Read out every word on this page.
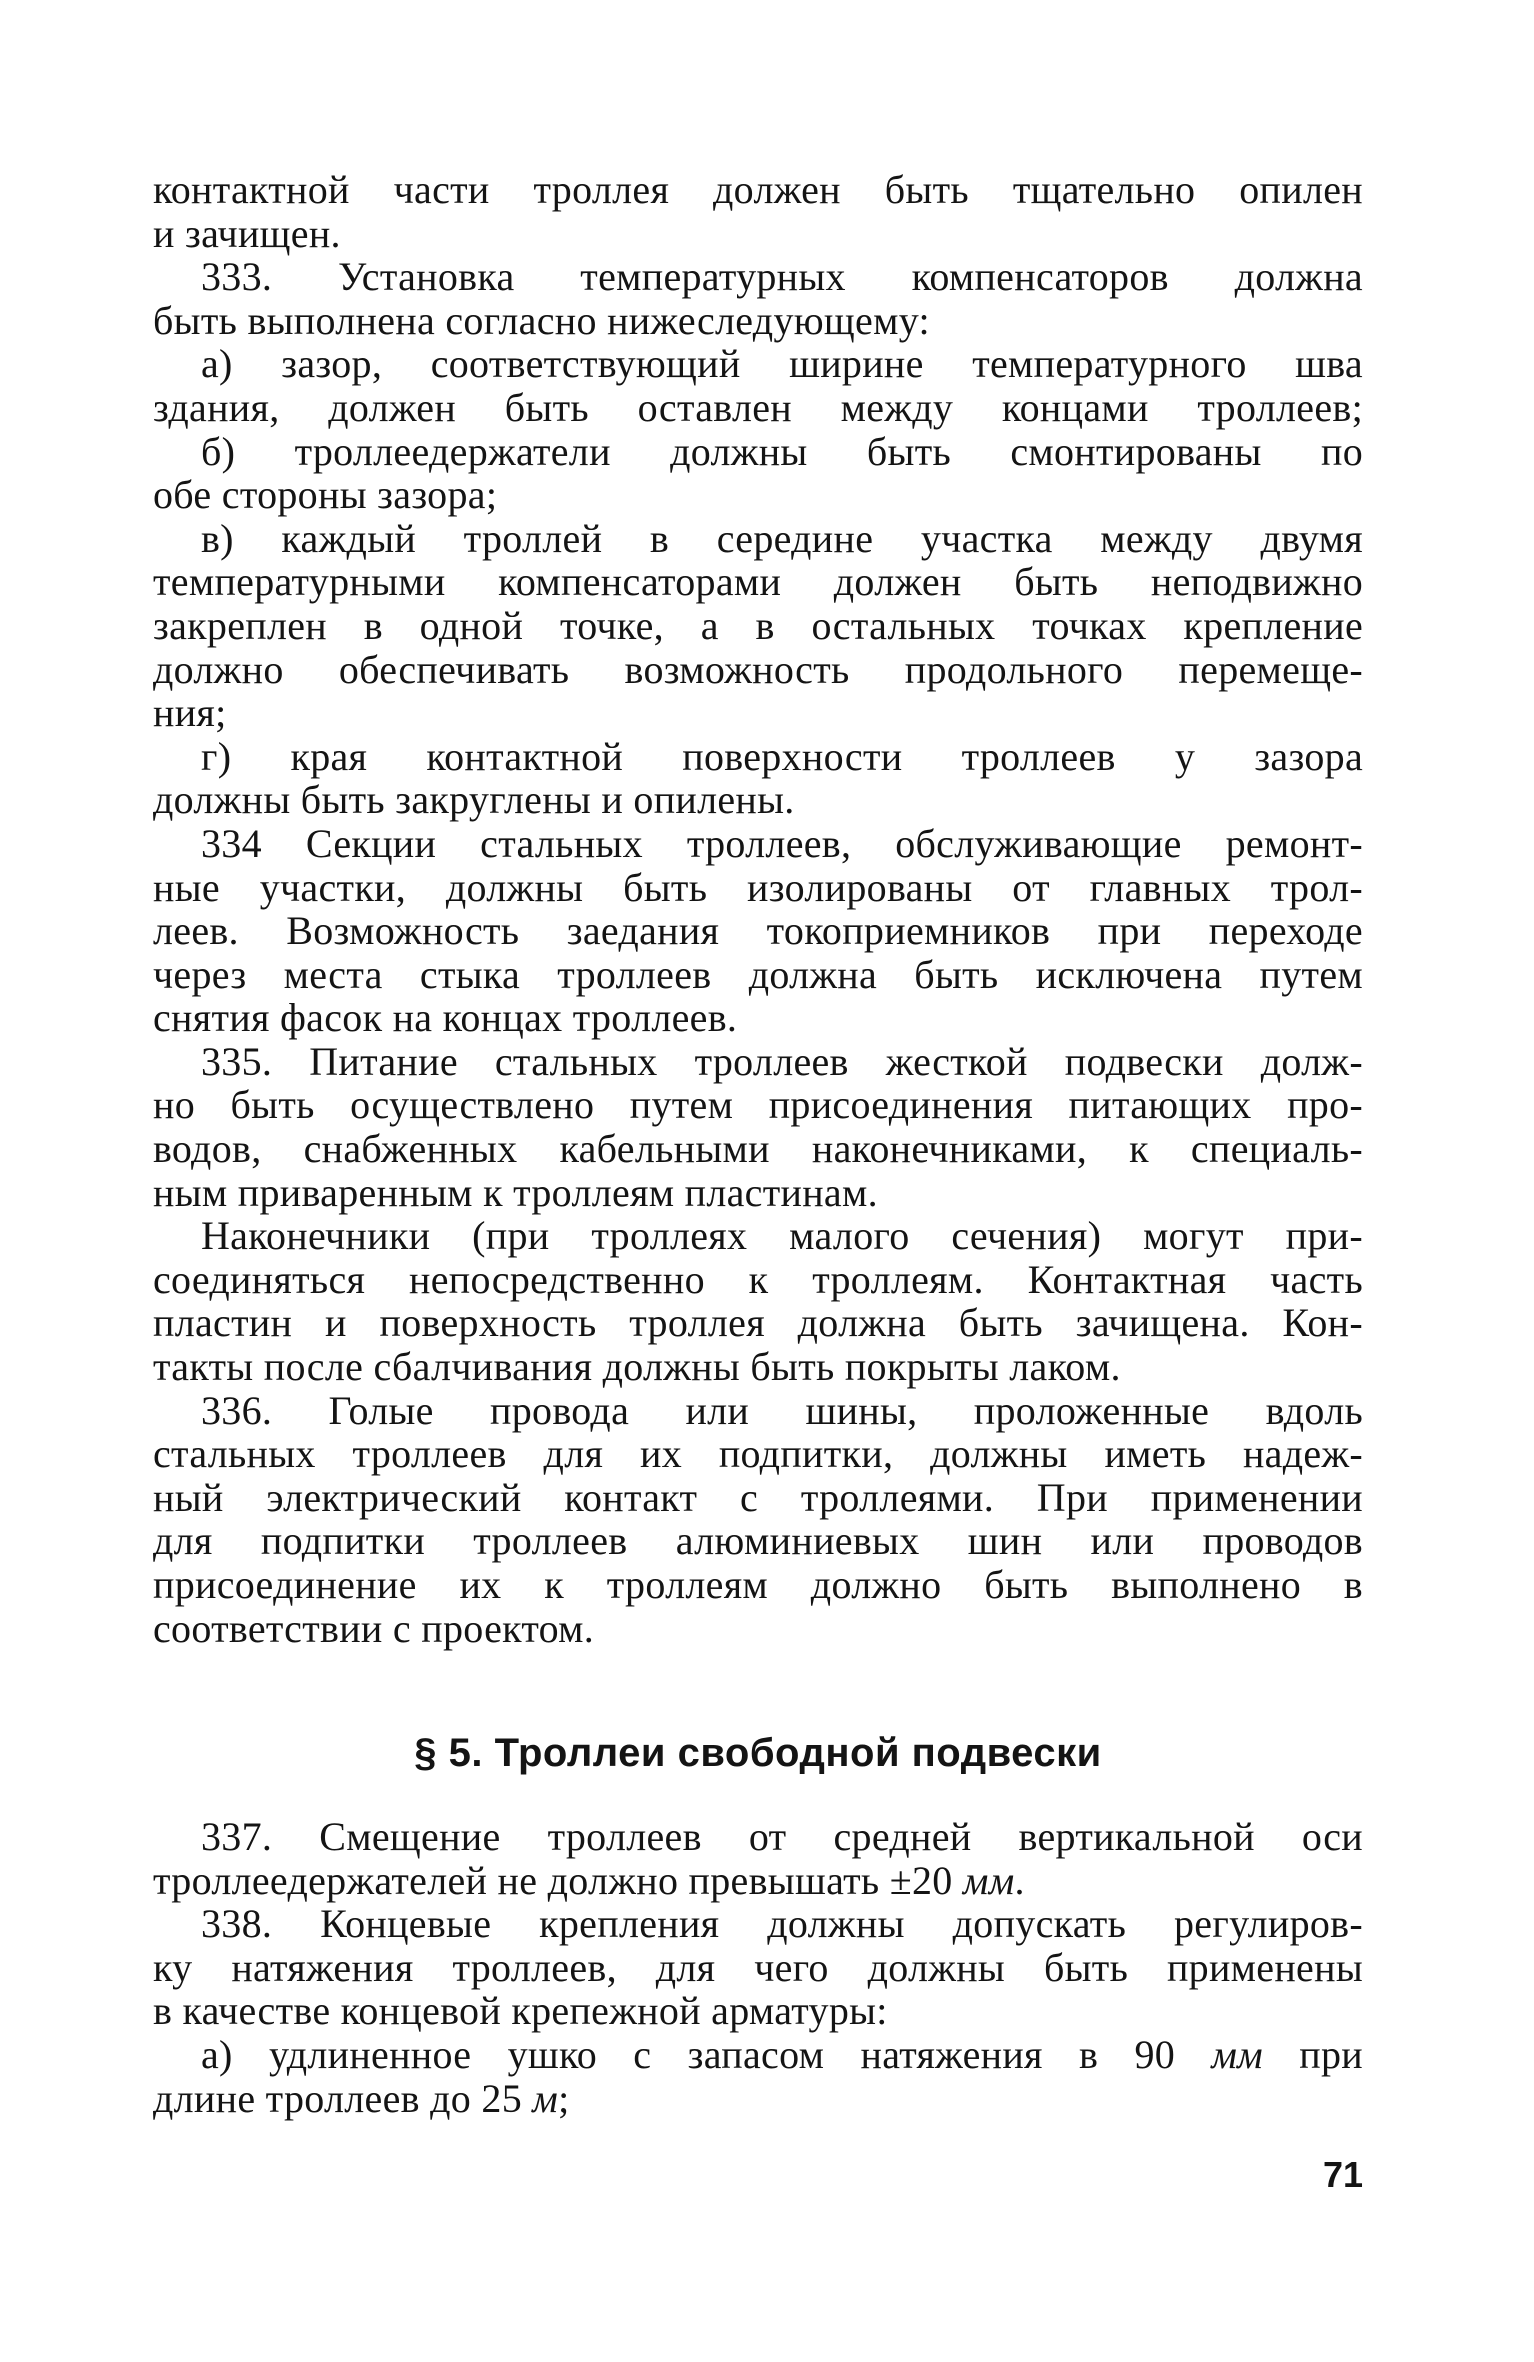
контактной части троллея должен быть тщательно опилен
и зачищен.
333. Установка температурных компенсаторов должна
быть выполнена согласно нижеследующему:
а) зазор, соответствующий ширине температурного шва
здания, должен быть оставлен между концами троллеев;
б) троллеедержатели должны быть смонтированы по
обе стороны зазора;
в) каждый троллей в середине участка между двумя
температурными компенсаторами должен быть неподвижно
закреплен в одной точке, а в остальных точках крепление
должно обеспечивать возможность продольного перемеще-
ния;
г) края контактной поверхности троллеев у зазора
должны быть закруглены и опилены.
334 Секции стальных троллеев, обслуживающие ремонт-
ные участки, должны быть изолированы от главных трол-
леев. Возможность заедания токоприемников при переходе
через места стыка троллеев должна быть исключена путем
снятия фасок на концах троллеев.
335. Питание стальных троллеев жесткой подвески долж-
но быть осуществлено путем присоединения питающих про-
водов, снабженных кабельными наконечниками, к специаль-
ным приваренным к троллеям пластинам.
Наконечники (при троллеях малого сечения) могут при-
соединяться непосредственно к троллеям. Контактная часть
пластин и поверхность троллея должна быть зачищена. Кон-
такты после сбалчивания должны быть покрыты лаком.
336. Голые провода или шины, проложенные вдоль
стальных троллеев для их подпитки, должны иметь надеж-
ный электрический контакт с троллеями. При применении
для подпитки троллеев алюминиевых шин или проводов
присоединение их к троллеям должно быть выполнено в
соответствии с проектом.
§ 5. Троллеи свободной подвески
337. Смещение троллеев от средней вертикальной оси
троллеедержателей не должно превышать ±20 мм.
338. Концевые крепления должны допускать регулиров-
ку натяжения троллеев, для чего должны быть применены
в качестве концевой крепежной арматуры:
а) удлиненное ушко с запасом натяжения в 90 мм при
длине троллеев до 25 м;
71
